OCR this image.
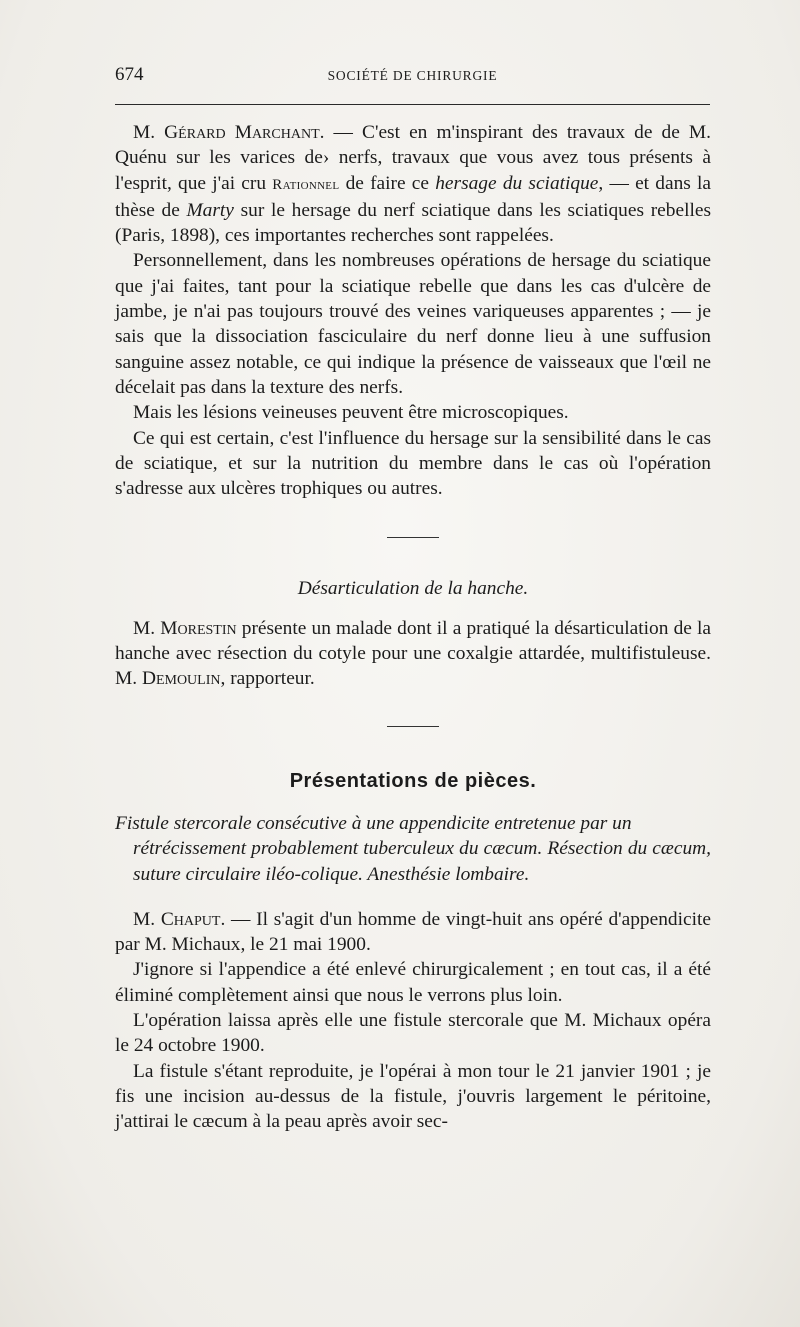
674	SOCIÉTÉ DE CHIRURGIE

M. Gérard Marchant. — C'est en m'inspirant des travaux de de M. Quénu sur les varices de› nerfs, travaux que vous avez tous présents à l'esprit, que j'ai cru Rationnel de faire ce hersage du sciatique, — et dans la thèse de Marty sur le hersage du nerf sciatique dans les sciatiques rebelles (Paris, 1898), ces importantes recherches sont rappelées.

Personnellement, dans les nombreuses opérations de hersage du sciatique que j'ai faites, tant pour la sciatique rebelle que dans les cas d'ulcère de jambe, je n'ai pas toujours trouvé des veines variqueuses apparentes ; — je sais que la dissociation fasciculaire du nerf donne lieu à une suffusion sanguine assez notable, ce qui indique la présence de vaisseaux que l'œil ne décelait pas dans la texture des nerfs.

Mais les lésions veineuses peuvent être microscopiques.

Ce qui est certain, c'est l'influence du hersage sur la sensibilité dans le cas de sciatique, et sur la nutrition du membre dans le cas où l'opération s'adresse aux ulcères trophiques ou autres.

Désarticulation de la hanche.

M. Morestin présente un malade dont il a pratiqué la désarticulation de la hanche avec résection du cotyle pour une coxalgie attardée, multifistuleuse. M. Demoulin, rapporteur.

Présentations de pièces.

Fistule stercorale consécutive à une appendicite entretenue par un
rétrécissement probablement tuberculeux du cæcum. Résection du cæcum, suture circulaire iléo-colique. Anesthésie lombaire.

M. Chaput. — Il s'agit d'un homme de vingt-huit ans opéré d'appendicite par M. Michaux, le 21 mai 1900.

J'ignore si l'appendice a été enlevé chirurgicalement ; en tout cas, il a été éliminé complètement ainsi que nous le verrons plus loin.

L'opération laissa après elle une fistule stercorale que M. Michaux opéra le 24 octobre 1900.

La fistule s'étant reproduite, je l'opérai à mon tour le 21 janvier 1901 ; je fis une incision au-dessus de la fistule, j'ouvris largement le péritoine, j'attirai le cæcum à la peau après avoir sec-
